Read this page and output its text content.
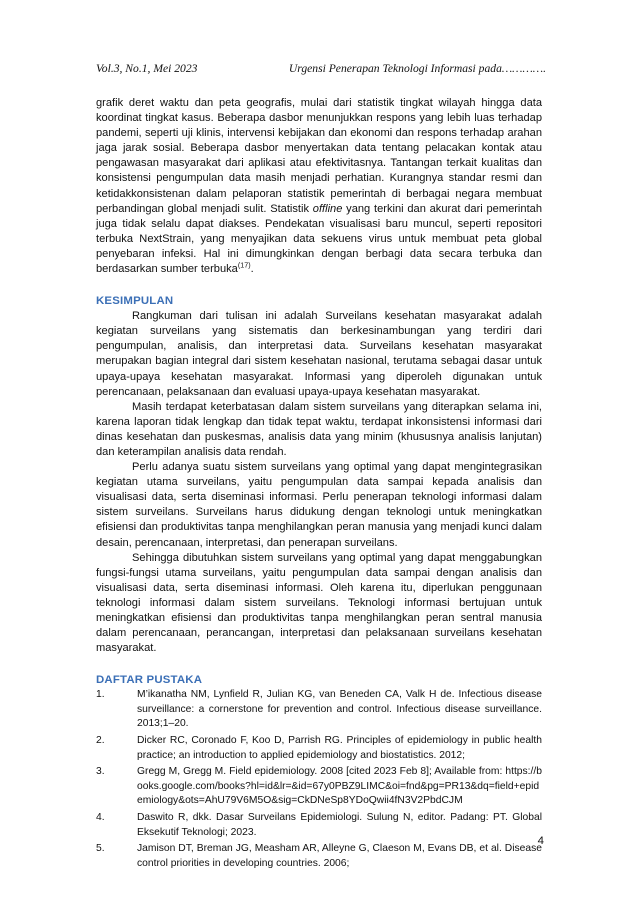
Vol.3, No.1, Mei 2023	Urgensi Penerapan Teknologi Informasi pada………….

grafik deret waktu dan peta geografis, mulai dari statistik tingkat wilayah hingga data koordinat tingkat kasus. Beberapa dasbor menunjukkan respons yang lebih luas terhadap pandemi, seperti uji klinis, intervensi kebijakan dan ekonomi dan respons terhadap arahan jaga jarak sosial. Beberapa dasbor menyertakan data tentang pelacakan kontak atau pengawasan masyarakat dari aplikasi atau efektivitasnya. Tantangan terkait kualitas dan konsistensi pengumpulan data masih menjadi perhatian. Kurangnya standar resmi dan ketidakkonsistenan dalam pelaporan statistik pemerintah di berbagai negara membuat perbandingan global menjadi sulit. Statistik offline yang terkini dan akurat dari pemerintah juga tidak selalu dapat diakses. Pendekatan visualisasi baru muncul, seperti repositori terbuka NextStrain, yang menyajikan data sekuens virus untuk membuat peta global penyebaran infeksi. Hal ini dimungkinkan dengan berbagi data secara terbuka dan berdasarkan sumber terbuka$^{(17)}$.

KESIMPULAN

Rangkuman dari tulisan ini adalah Surveilans kesehatan masyarakat adalah kegiatan surveilans yang sistematis dan berkesinambungan yang terdiri dari pengumpulan, analisis, dan interpretasi data. Surveilans kesehatan masyarakat merupakan bagian integral dari sistem kesehatan nasional, terutama sebagai dasar untuk upaya-upaya kesehatan masyarakat. Informasi yang diperoleh digunakan untuk perencanaan, pelaksanaan dan evaluasi upaya-upaya kesehatan masyarakat.

Masih terdapat keterbatasan dalam sistem surveilans yang diterapkan selama ini, karena laporan tidak lengkap dan tidak tepat waktu, terdapat inkonsistensi informasi dari dinas kesehatan dan puskesmas, analisis data yang minim (khususnya analisis lanjutan) dan keterampilan analisis data rendah.

Perlu adanya suatu sistem surveilans yang optimal yang dapat mengintegrasikan kegiatan utama surveilans, yaitu pengumpulan data sampai kepada analisis dan visualisasi data, serta diseminasi informasi. Perlu penerapan teknologi informasi dalam sistem surveilans. Surveilans harus didukung dengan teknologi untuk meningkatkan efisiensi dan produktivitas tanpa menghilangkan peran manusia yang menjadi kunci dalam desain, perencanaan, interpretasi, dan penerapan surveilans.

Sehingga dibutuhkan sistem surveilans yang optimal yang dapat menggabungkan fungsi-fungsi utama surveilans, yaitu pengumpulan data sampai dengan analisis dan visualisasi data, serta diseminasi informasi. Oleh karena itu, diperlukan penggunaan teknologi informasi dalam sistem surveilans. Teknologi informasi bertujuan untuk meningkatkan efisiensi dan produktivitas tanpa menghilangkan peran sentral manusia dalam perencanaan, perancangan, interpretasi dan pelaksanaan surveilans kesehatan masyarakat.

DAFTAR PUSTAKA
1.	M’ikanatha NM, Lynfield R, Julian KG, van Beneden CA, Valk H de. Infectious disease surveillance: a cornerstone for prevention and control. Infectious disease surveillance. 2013;1–20.
2.	Dicker RC, Coronado F, Koo D, Parrish RG. Principles of epidemiology in public health practice; an introduction to applied epidemiology and biostatistics. 2012;
3.	Gregg M, Gregg M. Field epidemiology. 2008 [cited 2023 Feb 8]; Available from: https://books.google.com/books?hl=id&lr=&id=67y0PBZ9LIMC&oi=fnd&pg=PR13&dq=field+epidemiology&ots=AhU79V6M5O&sig=CkDNeSp8YDoQwii4fN3V2PbdCJM
4.	Daswito R, dkk. Dasar Surveilans Epidemiologi. Sulung N, editor. Padang: PT. Global Eksekutif Teknologi; 2023.
5.	Jamison DT, Breman JG, Measham AR, Alleyne G, Claeson M, Evans DB, et al. Disease control priorities in developing countries. 2006;
4
